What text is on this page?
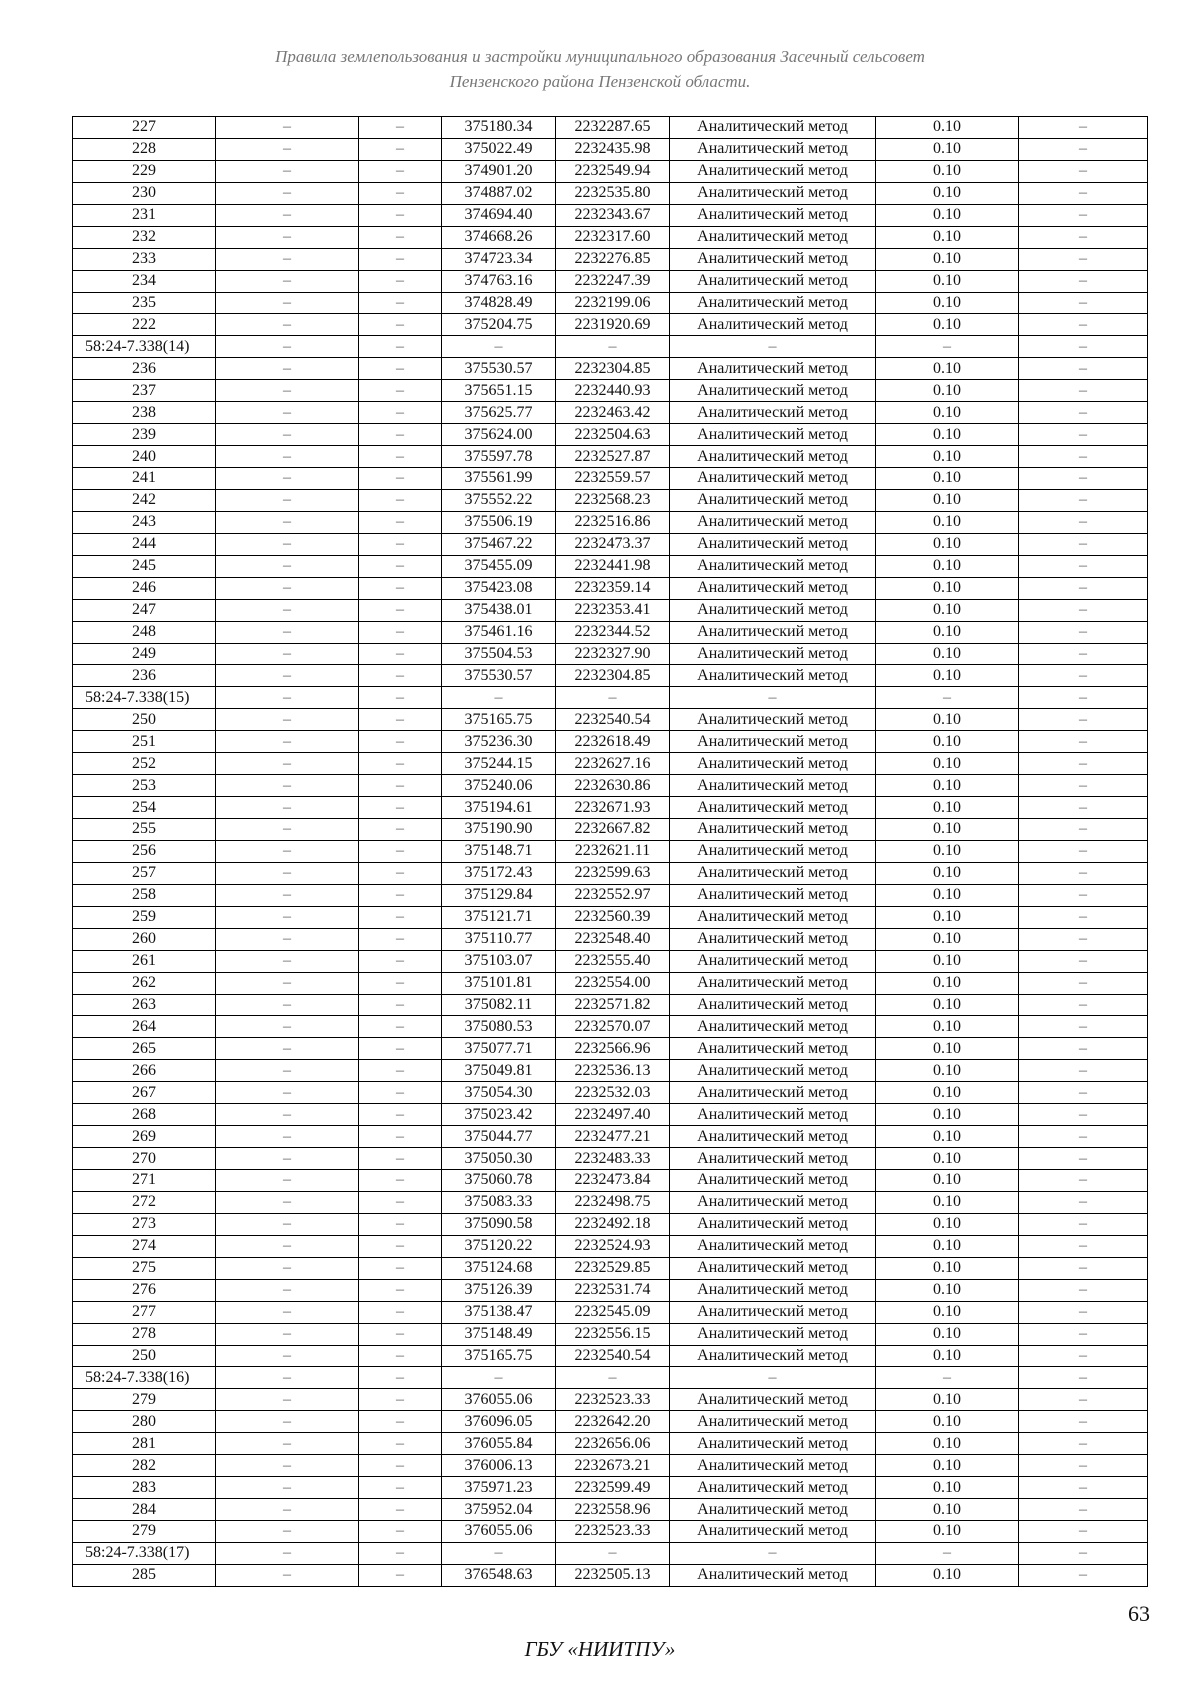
Правила землепользования и застройки муниципального образования Засечный сельсовет
Пензенского района Пензенской области.
227	–	–	375180.34	2232287.65	Аналитический метод	0.10	–
228	–	–	375022.49	2232435.98	Аналитический метод	0.10	–
229	–	–	374901.20	2232549.94	Аналитический метод	0.10	–
230	–	–	374887.02	2232535.80	Аналитический метод	0.10	–
231	–	–	374694.40	2232343.67	Аналитический метод	0.10	–
232	–	–	374668.26	2232317.60	Аналитический метод	0.10	–
233	–	–	374723.34	2232276.85	Аналитический метод	0.10	–
234	–	–	374763.16	2232247.39	Аналитический метод	0.10	–
235	–	–	374828.49	2232199.06	Аналитический метод	0.10	–
222	–	–	375204.75	2231920.69	Аналитический метод	0.10	–
58:24-7.338(14)	–	–	–	–	–	–	–
236	–	–	375530.57	2232304.85	Аналитический метод	0.10	–
237	–	–	375651.15	2232440.93	Аналитический метод	0.10	–
238	–	–	375625.77	2232463.42	Аналитический метод	0.10	–
239	–	–	375624.00	2232504.63	Аналитический метод	0.10	–
240	–	–	375597.78	2232527.87	Аналитический метод	0.10	–
241	–	–	375561.99	2232559.57	Аналитический метод	0.10	–
242	–	–	375552.22	2232568.23	Аналитический метод	0.10	–
243	–	–	375506.19	2232516.86	Аналитический метод	0.10	–
244	–	–	375467.22	2232473.37	Аналитический метод	0.10	–
245	–	–	375455.09	2232441.98	Аналитический метод	0.10	–
246	–	–	375423.08	2232359.14	Аналитический метод	0.10	–
247	–	–	375438.01	2232353.41	Аналитический метод	0.10	–
248	–	–	375461.16	2232344.52	Аналитический метод	0.10	–
249	–	–	375504.53	2232327.90	Аналитический метод	0.10	–
236	–	–	375530.57	2232304.85	Аналитический метод	0.10	–
58:24-7.338(15)	–	–	–	–	–	–	–
250	–	–	375165.75	2232540.54	Аналитический метод	0.10	–
251	–	–	375236.30	2232618.49	Аналитический метод	0.10	–
252	–	–	375244.15	2232627.16	Аналитический метод	0.10	–
253	–	–	375240.06	2232630.86	Аналитический метод	0.10	–
254	–	–	375194.61	2232671.93	Аналитический метод	0.10	–
255	–	–	375190.90	2232667.82	Аналитический метод	0.10	–
256	–	–	375148.71	2232621.11	Аналитический метод	0.10	–
257	–	–	375172.43	2232599.63	Аналитический метод	0.10	–
258	–	–	375129.84	2232552.97	Аналитический метод	0.10	–
259	–	–	375121.71	2232560.39	Аналитический метод	0.10	–
260	–	–	375110.77	2232548.40	Аналитический метод	0.10	–
261	–	–	375103.07	2232555.40	Аналитический метод	0.10	–
262	–	–	375101.81	2232554.00	Аналитический метод	0.10	–
263	–	–	375082.11	2232571.82	Аналитический метод	0.10	–
264	–	–	375080.53	2232570.07	Аналитический метод	0.10	–
265	–	–	375077.71	2232566.96	Аналитический метод	0.10	–
266	–	–	375049.81	2232536.13	Аналитический метод	0.10	–
267	–	–	375054.30	2232532.03	Аналитический метод	0.10	–
268	–	–	375023.42	2232497.40	Аналитический метод	0.10	–
269	–	–	375044.77	2232477.21	Аналитический метод	0.10	–
270	–	–	375050.30	2232483.33	Аналитический метод	0.10	–
271	–	–	375060.78	2232473.84	Аналитический метод	0.10	–
272	–	–	375083.33	2232498.75	Аналитический метод	0.10	–
273	–	–	375090.58	2232492.18	Аналитический метод	0.10	–
274	–	–	375120.22	2232524.93	Аналитический метод	0.10	–
275	–	–	375124.68	2232529.85	Аналитический метод	0.10	–
276	–	–	375126.39	2232531.74	Аналитический метод	0.10	–
277	–	–	375138.47	2232545.09	Аналитический метод	0.10	–
278	–	–	375148.49	2232556.15	Аналитический метод	0.10	–
250	–	–	375165.75	2232540.54	Аналитический метод	0.10	–
58:24-7.338(16)	–	–	–	–	–	–	–
279	–	–	376055.06	2232523.33	Аналитический метод	0.10	–
280	–	–	376096.05	2232642.20	Аналитический метод	0.10	–
281	–	–	376055.84	2232656.06	Аналитический метод	0.10	–
282	–	–	376006.13	2232673.21	Аналитический метод	0.10	–
283	–	–	375971.23	2232599.49	Аналитический метод	0.10	–
284	–	–	375952.04	2232558.96	Аналитический метод	0.10	–
279	–	–	376055.06	2232523.33	Аналитический метод	0.10	–
58:24-7.338(17)	–	–	–	–	–	–	–
285	–	–	376548.63	2232505.13	Аналитический метод	0.10	–
63
ГБУ «НИИТПУ»
